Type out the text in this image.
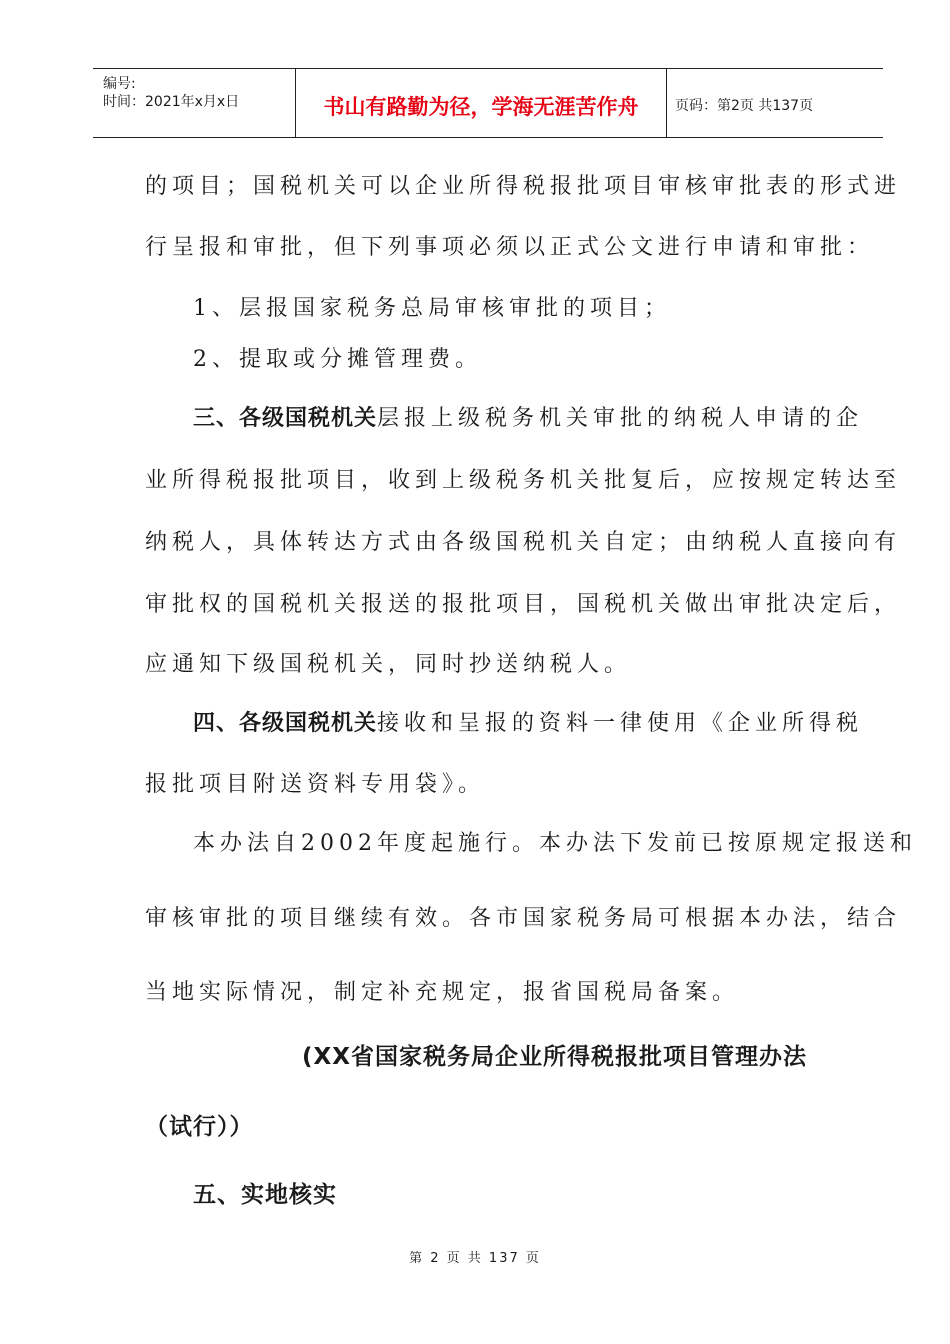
编号:
时间：2021年x月x日	书山有路勤为径，学海无涯苦作舟	页码：第2页 共137页
的项目；国税机关可以企业所得税报批项目审核审批表的形式进
行呈报和审批，但下列事项必须以正式公文进行申请和审批：
1、层报国家税务总局审核审批的项目；
2、提取或分摊管理费。
三、各级国税机关层报上级税务机关审批的纳税人申请的企
业所得税报批项目，收到上级税务机关批复后，应按规定转达至
纳税人，具体转达方式由各级国税机关自定；由纳税人直接向有
审批权的国税机关报送的报批项目，国税机关做出审批决定后，
应通知下级国税机关，同时抄送纳税人。
四、各级国税机关接收和呈报的资料一律使用《企业所得税
报批项目附送资料专用袋》。
本办法自2002年度起施行。本办法下发前已按原规定报送和
审核审批的项目继续有效。各市国家税务局可根据本办法，结合
当地实际情况，制定补充规定，报省国税局备案。
(XX省国家税务局企业所得税报批项目管理办法
（试行））
五、实地核实
第 2 页 共 137 页
